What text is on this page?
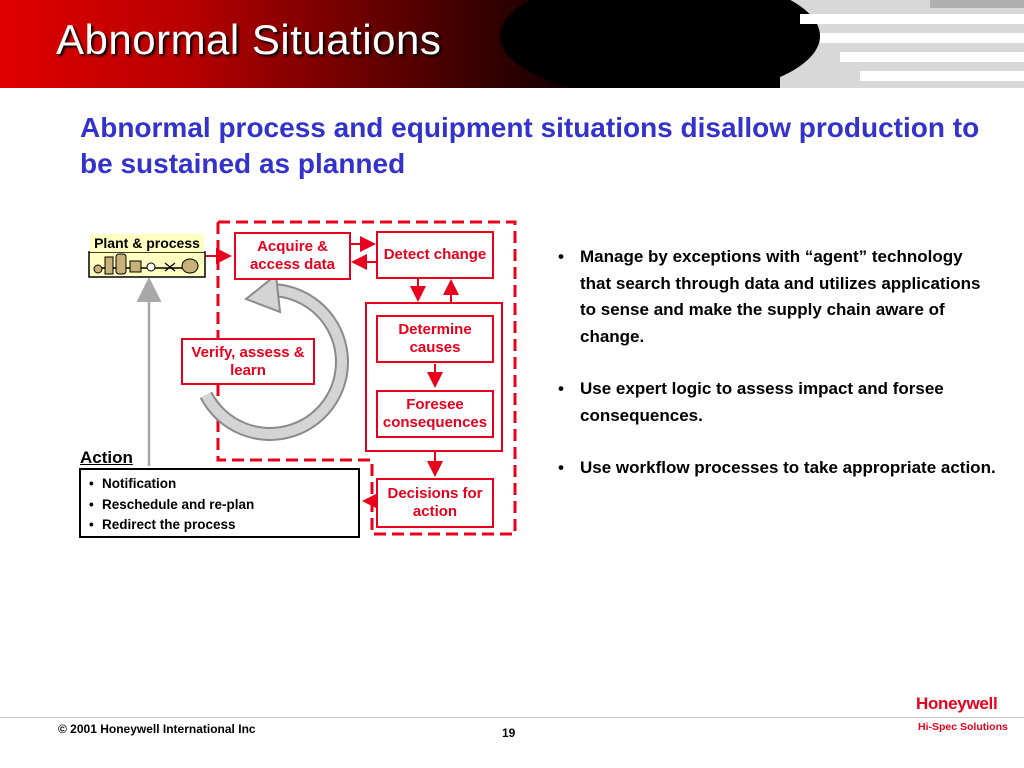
Abnormal Situations
Abnormal process and equipment situations disallow production to be sustained as planned
Plant & process	Acquire & access data
Detect change
Verify, assess & learn
Determine causes
Foresee consequences
Decisions for action
Action
• Notification
• Reschedule and re-plan
• Redirect the process
• Manage by exceptions with “agent” technology that search through data and utilizes applications to sense and make the supply chain aware of change.
• Use expert logic to assess impact and forsee consequences.
• Use workflow processes to take appropriate action.
© 2001 Honeywell International Inc	19
Honeywell
Hi-Spec Solutions
